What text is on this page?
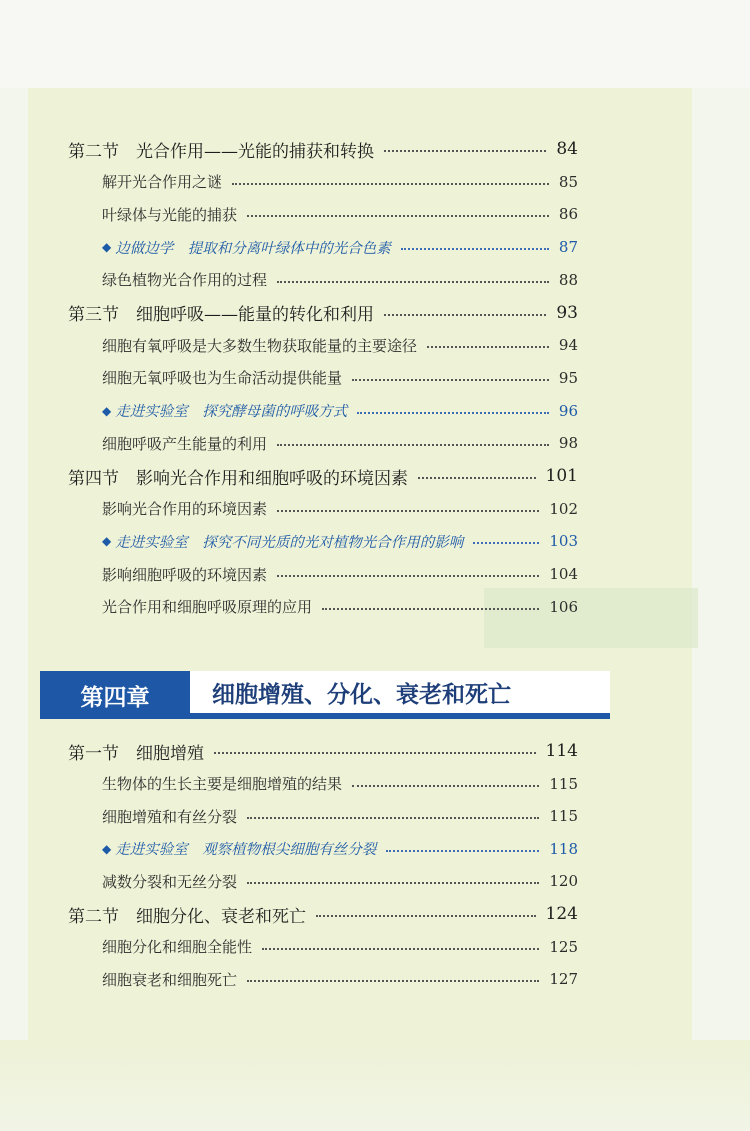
第二节　光合作用——光能的捕获和转换	84
解开光合作用之谜	85
叶绿体与光能的捕获	86
◆ 边做边学　提取和分离叶绿体中的光合色素	87
绿色植物光合作用的过程	88
第三节　细胞呼吸——能量的转化和利用	93
细胞有氧呼吸是大多数生物获取能量的主要途径	94
细胞无氧呼吸也为生命活动提供能量	95
◆ 走进实验室　探究酵母菌的呼吸方式	96
细胞呼吸产生能量的利用	98
第四节　影响光合作用和细胞呼吸的环境因素	101
影响光合作用的环境因素	102
◆ 走进实验室　探究不同光质的光对植物光合作用的影响	103
影响细胞呼吸的环境因素	104
光合作用和细胞呼吸原理的应用	106
第四章	细胞增殖、分化、衰老和死亡
第一节　细胞增殖	114
生物体的生长主要是细胞增殖的结果	115
细胞增殖和有丝分裂	115
◆ 走进实验室　观察植物根尖细胞有丝分裂	118
减数分裂和无丝分裂	120
第二节　细胞分化、衰老和死亡	124
细胞分化和细胞全能性	125
细胞衰老和细胞死亡	127
